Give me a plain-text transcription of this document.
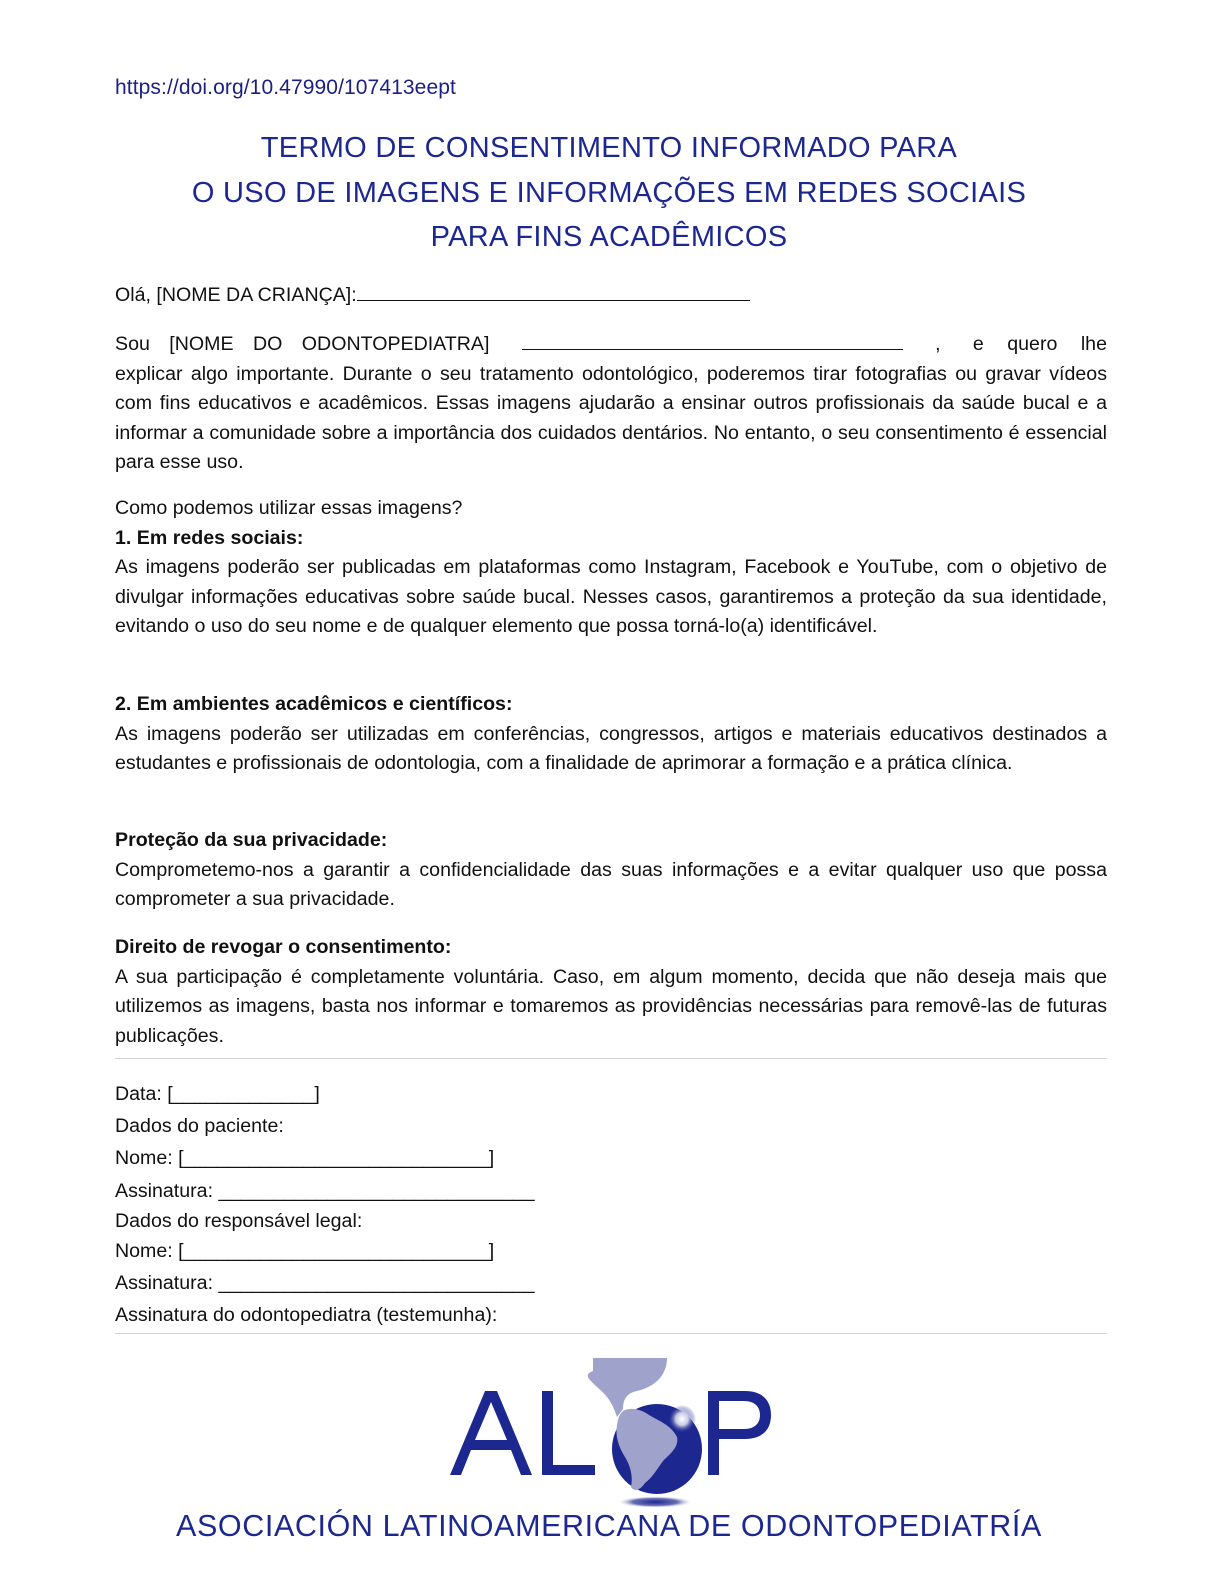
https://doi.org/10.47990/107413eept
TERMO DE CONSENTIMENTO INFORMADO PARA
O USO DE IMAGENS E INFORMAÇÕES EM REDES SOCIAIS
PARA FINS ACADÊMICOS
Olá, [NOME DA CRIANÇA]:
Sou [NOME DO ODONTOPEDIATRA]	, e quero lhe

explicar algo importante. Durante o seu tratamento odontológico, poderemos tirar fotografias ou gravar vídeos com fins educativos e acadêmicos. Essas imagens ajudarão a ensinar outros profissionais da saúde bucal e a informar a comunidade sobre a importância dos cuidados dentários. No entanto, o seu consentimento é essencial para esse uso.

Como podemos utilizar essas imagens?
1. Em redes sociais:

As imagens poderão ser publicadas em plataformas como Instagram, Facebook e YouTube, com o objetivo de divulgar informações educativas sobre saúde bucal. Nesses casos, garantiremos a proteção da sua identidade, evitando o uso do seu nome e de qualquer elemento que possa torná-lo(a) identificável.

2. Em ambientes acadêmicos e científicos:

As imagens poderão ser utilizadas em conferências, congressos, artigos e materiais educativos destinados a estudantes e profissionais de odontologia, com a finalidade de aprimorar a formação e a prática clínica.

Proteção da sua privacidade:

Comprometemo-nos a garantir a confidencialidade das suas informações e a evitar qualquer uso que possa comprometer a sua privacidade.

Direito de revogar o consentimento:

A sua participação é completamente voluntária. Caso, em algum momento, decida que não deseja mais que utilizemos as imagens, basta nos informar e tomaremos as providências necessárias para removê-las de futuras publicações.

Data: [_____________]
Dados do paciente:
Nome: [____________________________]
Assinatura: _____________________________
Dados do responsável legal:
Nome: [____________________________]
Assinatura: _____________________________
Assinatura do odontopediatra (testemunha):
ASOCIACIÓN LATINOAMERICANA DE ODONTOPEDIATRÍA
